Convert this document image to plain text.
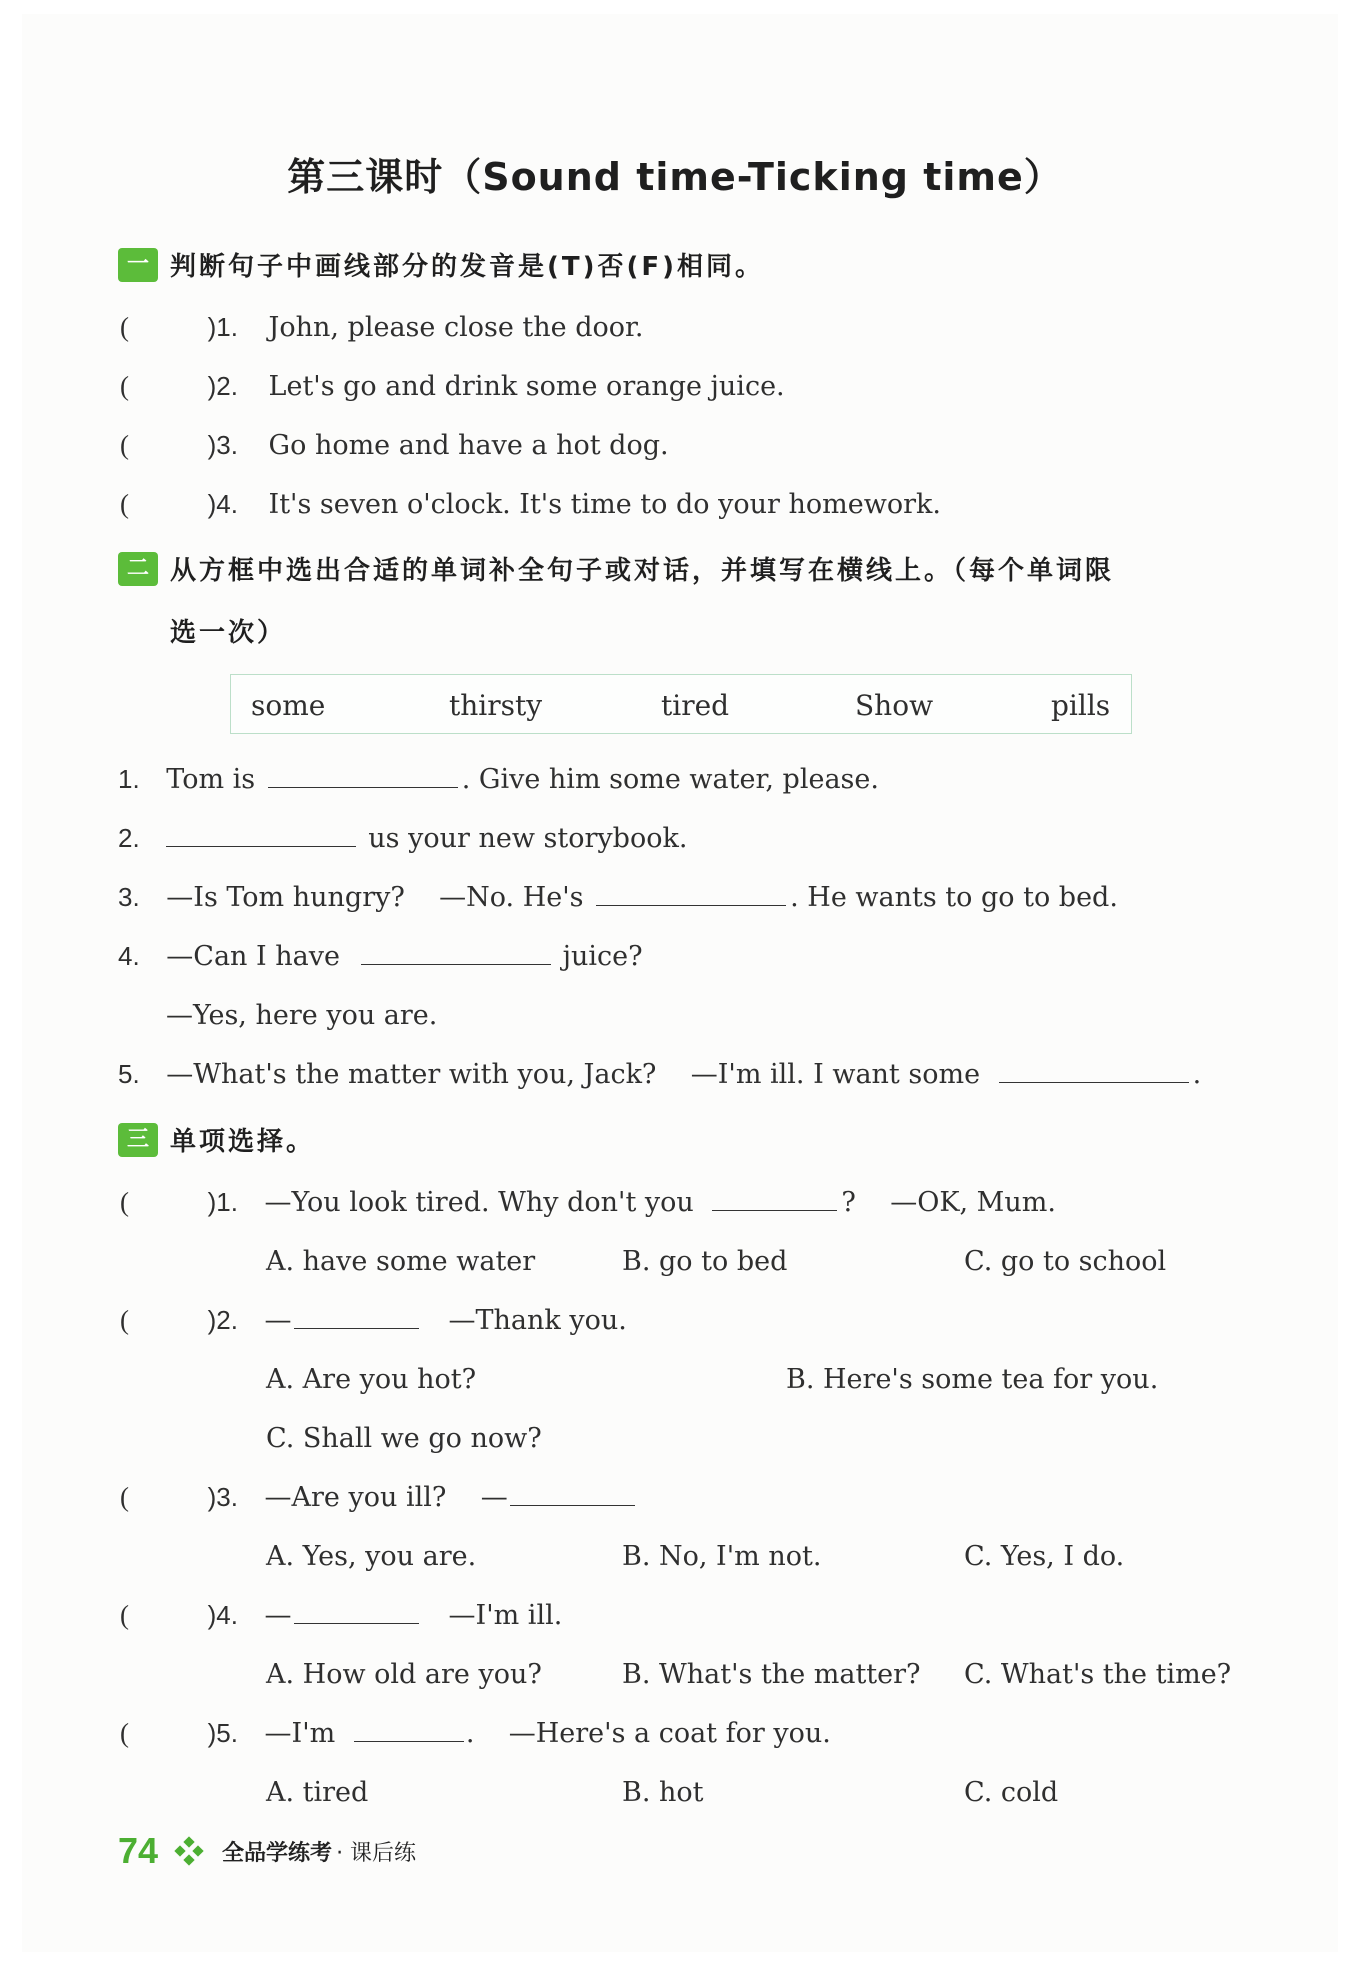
第三课时（Sound time-Ticking time）
一 判断句子中画线部分的发音是(T)否(F)相同。
(	)1. John, please close the door.
(	)2. Let's go and drink some orange juice.
(	)3. Go home and have a hot dog.
(	)4. It's seven o'clock. It's time to do your homework.
二 从方框中选出合适的单词补全句子或对话，并填写在横线上。（每个单词限
选一次）
some	thirsty	tired	Show	pills
1. Tom is	. Give him some water, please.
2.	us your new storybook.
3. —Is Tom hungry?    —No. He's	. He wants to go to bed.
4. —Can I have	juice?
—Yes, here you are.
5. —What's the matter with you, Jack?    —I'm ill. I want some	.
三 单项选择。
(	)1. —You look tired. Why don't you	?    —OK, Mum.
A. have some water	B. go to bed	C. go to school
(	)2. —	—Thank you.
A. Are you hot?	B. Here's some tea for you.
C. Shall we go now?
(	)3. —Are you ill?    —
A. Yes, you are.	B. No, I'm not.	C. Yes, I do.
(	)4. —	—I'm ill.
A. How old are you?	B. What's the matter? C. What's the time?
(	)5. —I'm	.    —Here's a coat for you.
A. tired	B. hot	C. cold
74	全品学练考 · 课后练
